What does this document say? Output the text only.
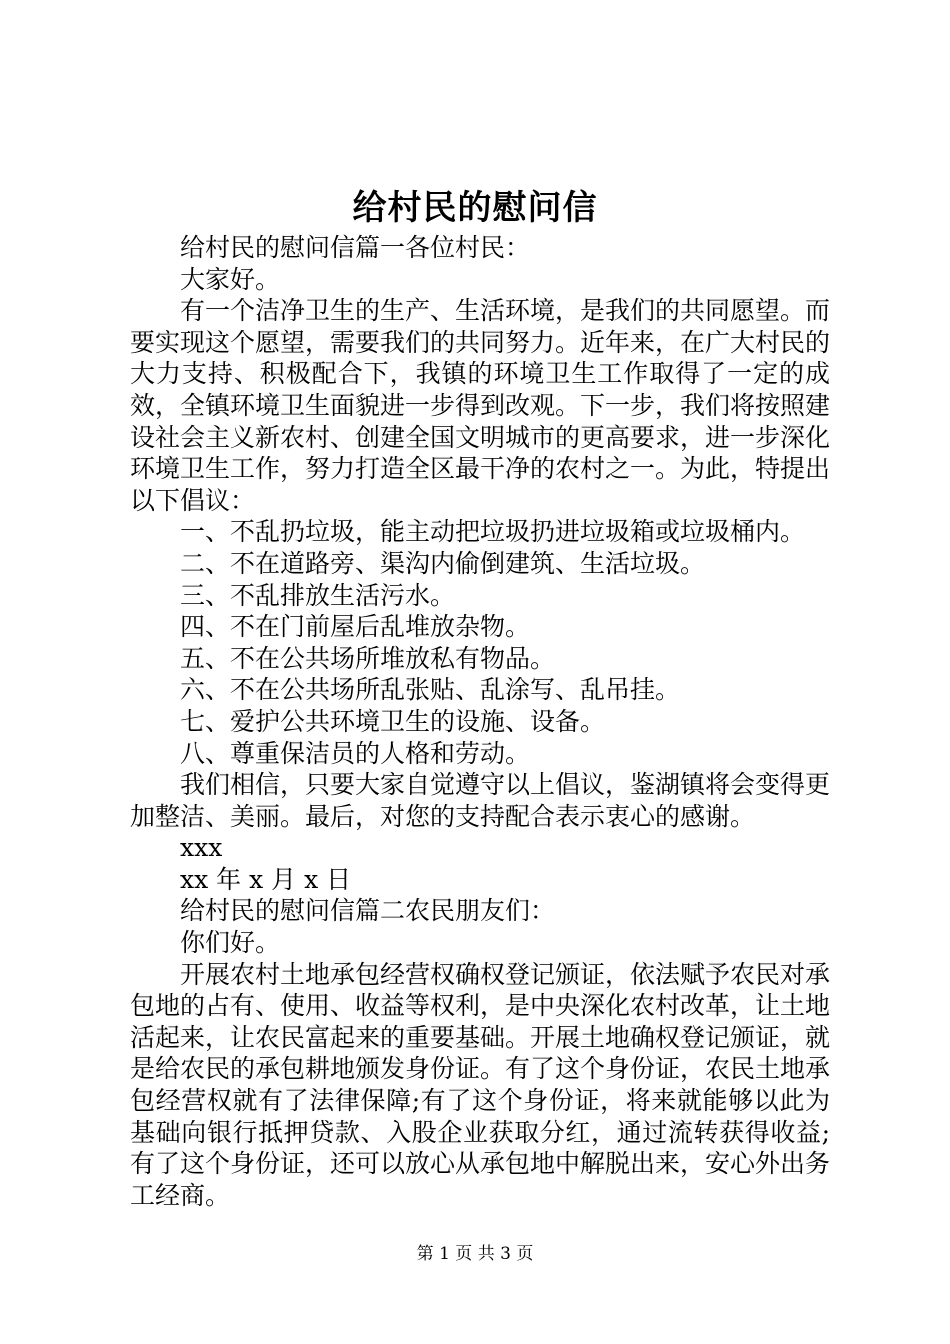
给村民的慰问信

给村民的慰问信篇一各位村民：

大家好。

有一个洁净卫生的生产、生活环境，是我们的共同愿望。而要实现这个愿望，需要我们的共同努力。近年来，在广大村民的大力支持、积极配合下，我镇的环境卫生工作取得了一定的成效，全镇环境卫生面貌进一步得到改观。下一步，我们将按照建设社会主义新农村、创建全国文明城市的更高要求，进一步深化环境卫生工作，努力打造全区最干净的农村之一。为此，特提出以下倡议：

一、不乱扔垃圾，能主动把垃圾扔进垃圾箱或垃圾桶内。

二、不在道路旁、渠沟内偷倒建筑、生活垃圾。

三、不乱排放生活污水。

四、不在门前屋后乱堆放杂物。

五、不在公共场所堆放私有物品。

六、不在公共场所乱张贴、乱涂写、乱吊挂。

七、爱护公共环境卫生的设施、设备。

八、尊重保洁员的人格和劳动。

我们相信，只要大家自觉遵守以上倡议，鉴湖镇将会变得更加整洁、美丽。最后，对您的支持配合表示衷心的感谢。

xxx

xx 年 x 月 x 日

给村民的慰问信篇二农民朋友们：

你们好。

开展农村土地承包经营权确权登记颁证，依法赋予农民对承包地的占有、使用、收益等权利，是中央深化农村改革，让土地活起来，让农民富起来的重要基础。开展土地确权登记颁证，就是给农民的承包耕地颁发身份证。有了这个身份证，农民土地承包经营权就有了法律保障;有了这个身份证，将来就能够以此为基础向银行抵押贷款、入股企业获取分红，通过流转获得收益;有了这个身份证，还可以放心从承包地中解脱出来，安心外出务工经商。

第 1 页 共 3 页
